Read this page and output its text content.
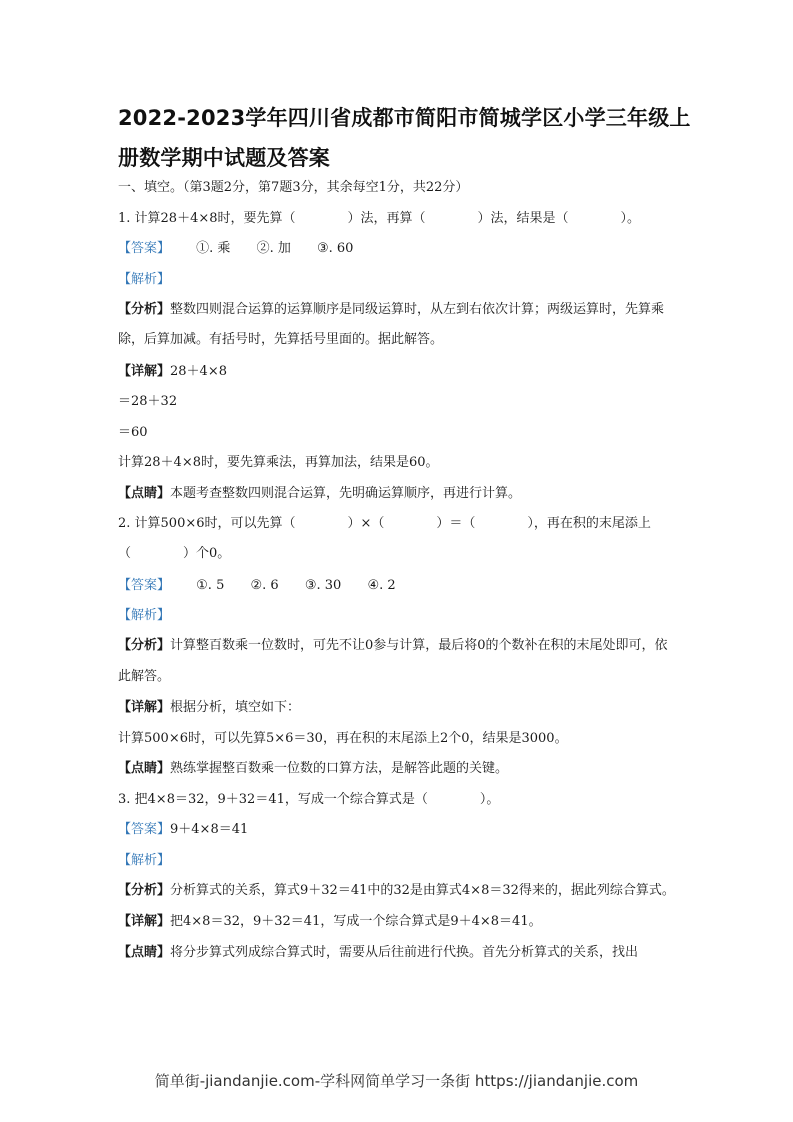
2022-2023学年四川省成都市简阳市简城学区小学三年级上册数学期中试题及答案
一、填空。（第3题2分，第7题3分，其余每空1分，共22分）
1. 计算28＋4×8时，要先算（　　　　）法，再算（　　　　）法，结果是（　　　　）。
【答案】 ①. 乘 ②. 加 ③. 60
【解析】
【分析】整数四则混合运算的运算顺序是同级运算时，从左到右依次计算；两级运算时，先算乘除，后算加减。有括号时，先算括号里面的。据此解答。
【详解】28＋4×8
＝28＋32
＝60
计算28＋4×8时，要先算乘法，再算加法，结果是60。
【点睛】本题考查整数四则混合运算，先明确运算顺序，再进行计算。
2. 计算500×6时，可以先算（　　　　）×（　　　　）＝（　　　　），再在积的末尾添上（　　　　）个0。
【答案】 ①. 5 ②. 6 ③. 30 ④. 2
【解析】
【分析】计算整百数乘一位数时，可先不让0参与计算，最后将0的个数补在积的末尾处即可，依此解答。
【详解】根据分析，填空如下：
计算500×6时，可以先算5×6＝30，再在积的末尾添上2个0，结果是3000。
【点睛】熟练掌握整百数乘一位数的口算方法，是解答此题的关键。
3. 把4×8＝32，9＋32＝41，写成一个综合算式是（　　　　）。
【答案】9＋4×8＝41
【解析】
【分析】分析算式的关系，算式9＋32＝41中的32是由算式4×8＝32得来的，据此列综合算式。
【详解】把4×8＝32，9＋32＝41，写成一个综合算式是9＋4×8＝41。
【点睛】将分步算式列成综合算式时，需要从后往前进行代换。首先分析算式的关系，找出
简单街-jiandanjie.com-学科网简单学习一条街 https://jiandanjie.com
